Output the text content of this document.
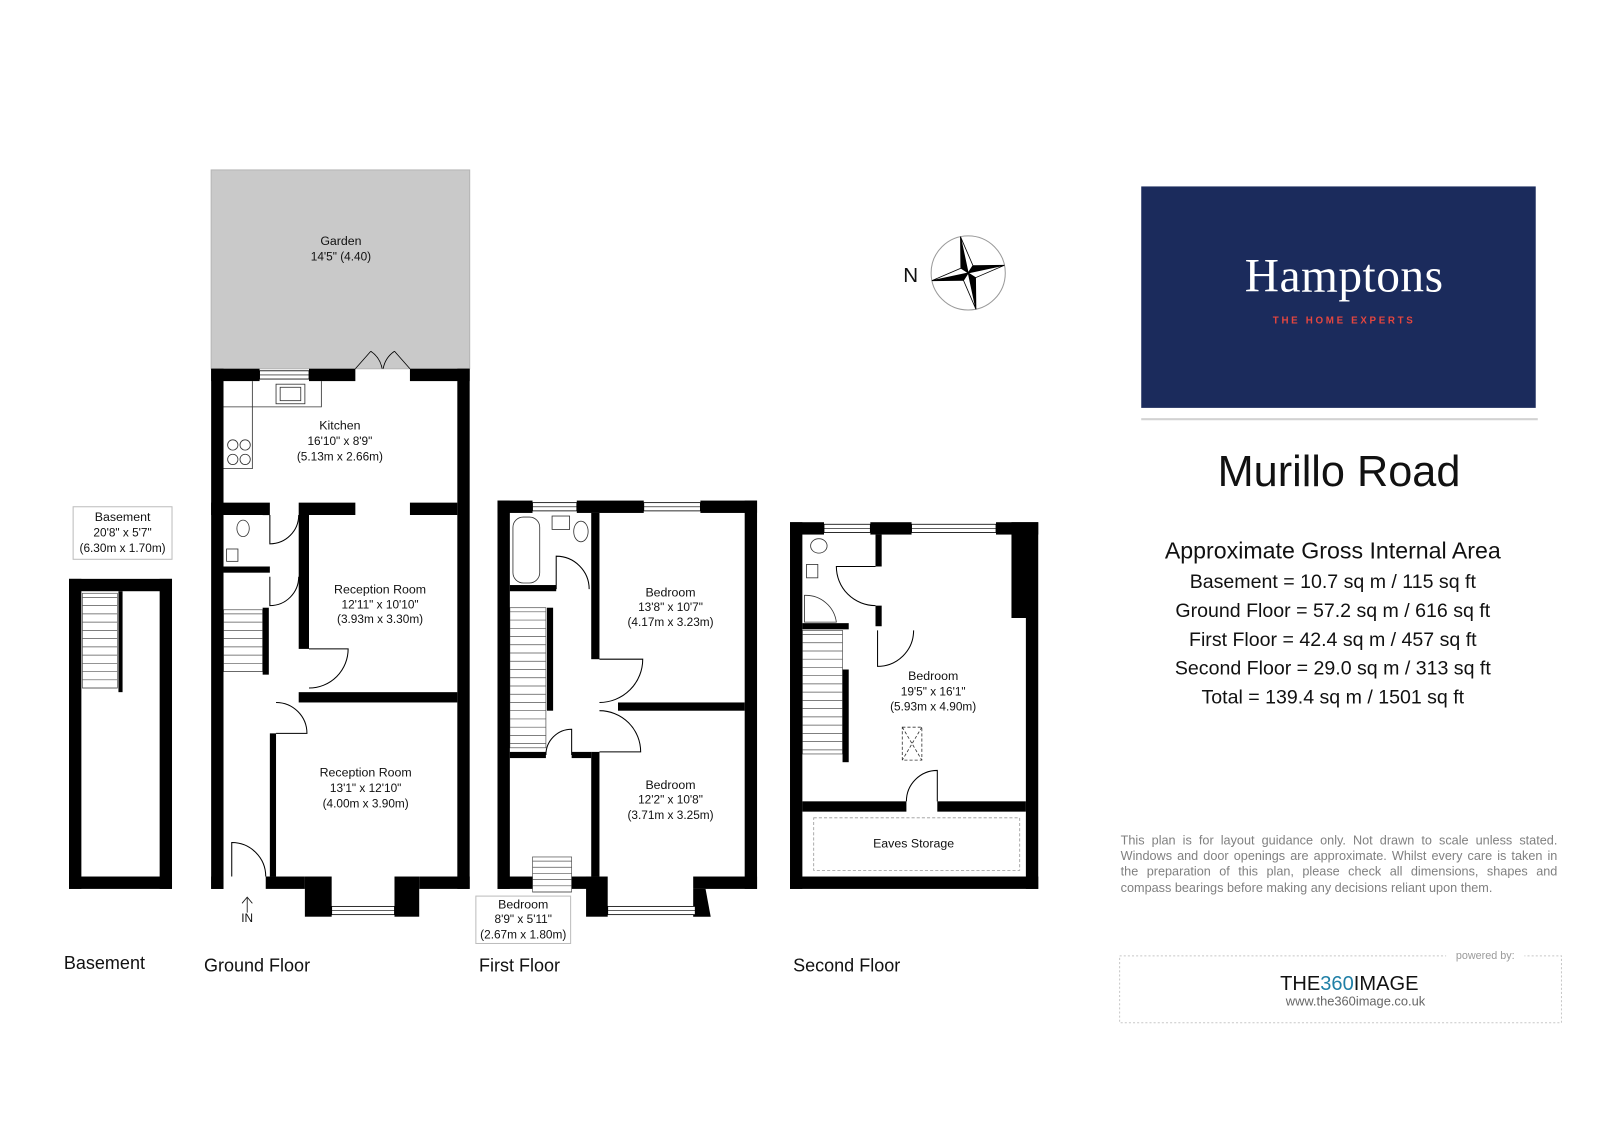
Garden
14'5" (4.40)
Kitchen
16'10" x 8'9"
(5.13m x 2.66m)
Reception Room
12'11" x 10'10"
(3.93m x 3.30m)
Reception Room
13'1" x 12'10"
(4.00m x 3.90m)
IN
Basement
20'8" x 5'7"
(6.30m x 1.70m)
Bedroom
13'8" x 10'7"
(4.17m x 3.23m)
Bedroom
12'2" x 10'8"
(3.71m x 3.25m)
Bedroom
8'9" x 5'11"
(2.67m x 1.80m)
Bedroom
19'5" x 16'1"
(5.93m x 4.90m)
Eaves Storage
Basement	Ground Floor	First Floor	Second Floor
N	Hamptons
THE HOME EXPERTS
Murillo Road
Approximate Gross Internal Area
Basement = 10.7 sq m / 115 sq ft
Ground Floor = 57.2 sq m / 616 sq ft
First Floor = 42.4 sq m / 457 sq ft
Second Floor = 29.0 sq m / 313 sq ft
Total = 139.4 sq m / 1501 sq ft
powered by:
THE360IMAGE
www.the360image.co.uk

This plan is for layout guidance only. Not drawn to scale unless stated. Windows and door openings are approximate. Whilst every care is taken in the preparation of this plan, please check all dimensions, shapes and compass bearings before making any decisions reliant upon them.
